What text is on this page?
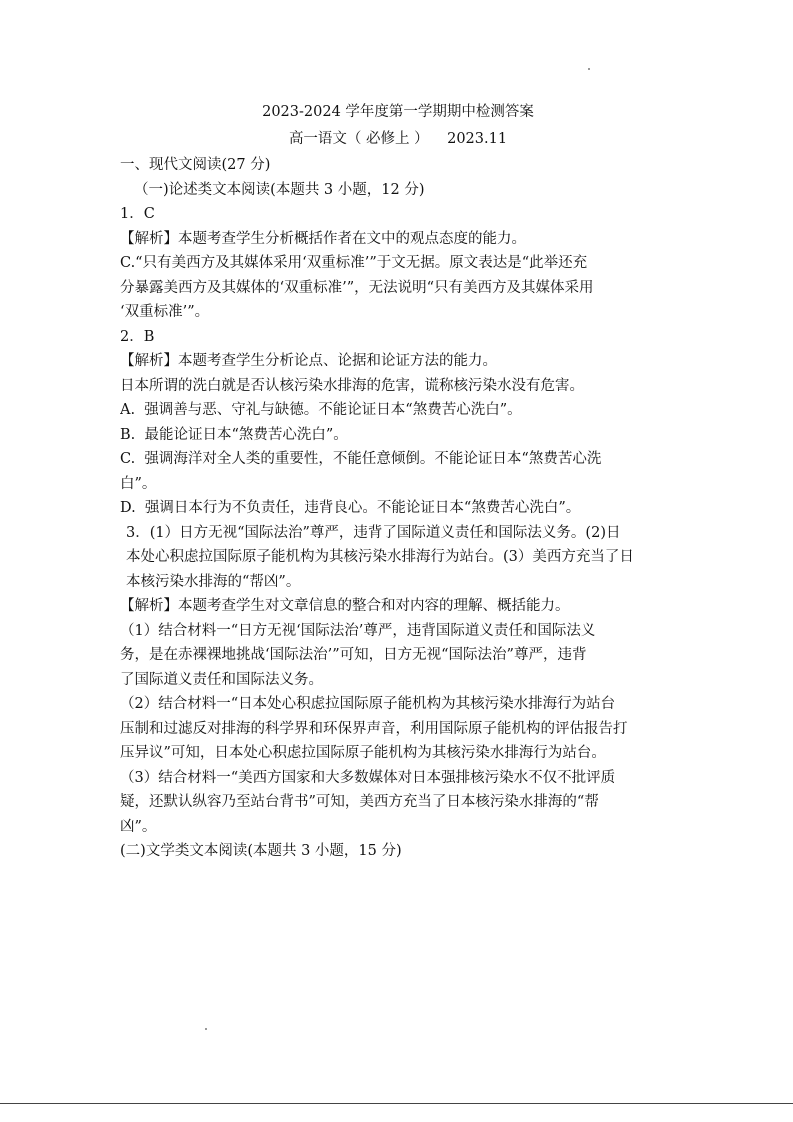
2023-2024 学年度第一学期期中检测答案
高一语文（ 必修上 ）    2023.11
一、现代文阅读(27 分)
（一)论述类文本阅读(本题共 3 小题，12 分)
1．C
【解析】本题考查学生分析概括作者在文中的观点态度的能力。
C.“只有美西方及其媒体采用‘双重标准’”于文无据。原文表达是“此举还充
分暴露美西方及其媒体的‘双重标准’”，无法说明“只有美西方及其媒体采用
‘双重标准’”。
2．B
【解析】本题考查学生分析论点、论据和论证方法的能力。
日本所谓的洗白就是否认核污染水排海的危害，谎称核污染水没有危害。
A.  强调善与恶、守礼与缺德。不能论证日本“煞费苦心洗白”。
B.  最能论证日本“煞费苦心洗白”。
C.  强调海洋对全人类的重要性，不能任意倾倒。不能论证日本“煞费苦心洗
白”。
D.  强调日本行为不负责任，违背良心。不能论证日本“煞费苦心洗白”。
3．(1）日方无视“国际法治”尊严，违背了国际道义责任和国际法义务。(2)日
本处心积虑拉国际原子能机构为其核污染水排海行为站台。(3）美西方充当了日
本核污染水排海的“帮凶”。
【解析】本题考查学生对文章信息的整合和对内容的理解、概括能力。
（1）结合材料一“日方无视‘国际法治’尊严，违背国际道义责任和国际法义
务，是在赤裸裸地挑战‘国际法治’”可知，日方无视“国际法治”尊严，违背
了国际道义责任和国际法义务。
（2）结合材料一“日本处心积虑拉国际原子能机构为其核污染水排海行为站台
压制和过滤反对排海的科学界和环保界声音，利用国际原子能机构的评估报告打
压异议”可知，日本处心积虑拉国际原子能机构为其核污染水排海行为站台。
（3）结合材料一“美西方国家和大多数媒体对日本强排核污染水不仅不批评质
疑，还默认纵容乃至站台背书”可知，美西方充当了日本核污染水排海的“帮
凶”。
(二)文学类文本阅读(本题共 3 小题，15 分)
